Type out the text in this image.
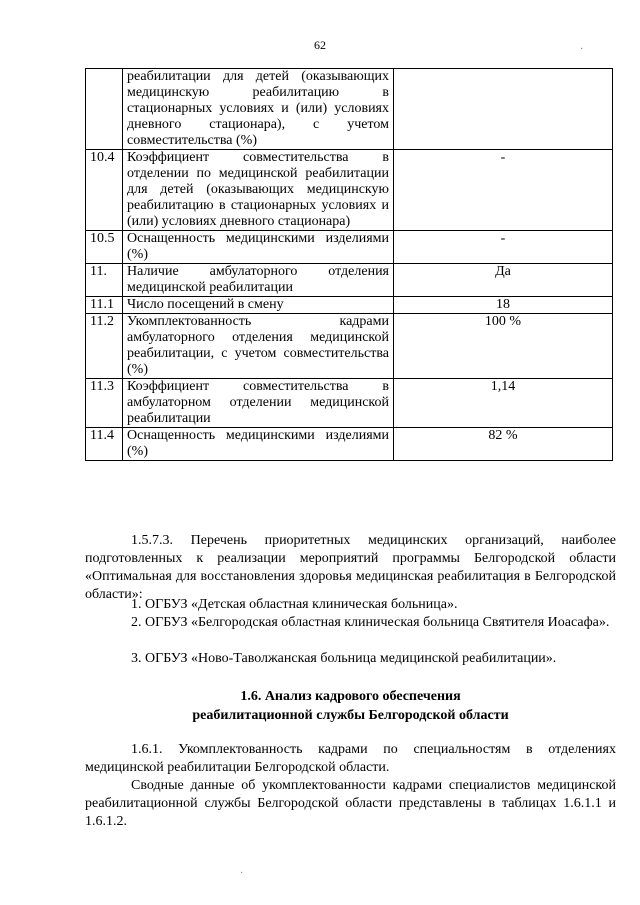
62
	реабилитации для детей (оказывающих медицинскую реабилитацию в стационарных условиях и (или) условиях дневного стационара), с учетом совместительства (%)	
10.4	Коэффициент совместительства в отделении по медицинской реабилитации для детей (оказывающих медицинскую реабилитацию в стационарных условиях и (или) условиях дневного стационара)	-
10.5	Оснащенность медицинскими изделиями (%)	-
11.	Наличие амбулаторного отделения медицинской реабилитации	Да
11.1	Число посещений в смену	18
11.2	Укомплектованность кадрами амбулаторного отделения медицинской реабилитации, с учетом совместительства (%)	100 %
11.3	Коэффициент совместительства в амбулаторном отделении медицинской реабилитации	1,14
11.4	Оснащенность медицинскими изделиями (%)	82 %
1.5.7.3. Перечень приоритетных медицинских организаций, наиболее подготовленных к реализации мероприятий программы Белгородской области «Оптимальная для восстановления здоровья медицинская реабилитация в Белгородской области»:
1. ОГБУЗ «Детская областная клиническая больница».
2. ОГБУЗ «Белгородская областная клиническая больница Святителя Иоасафа».
3. ОГБУЗ «Ново-Таволжанская больница медицинской реабилитации».
1.6. Анализ кадрового обеспечения
реабилитационной службы Белгородской области
1.6.1. Укомплектованность кадрами по специальностям в отделениях медицинской реабилитации Белгородской области.
Сводные данные об укомплектованности кадрами специалистов медицинской реабилитационной службы Белгородской области представлены в таблицах 1.6.1.1 и 1.6.1.2.
·
·
